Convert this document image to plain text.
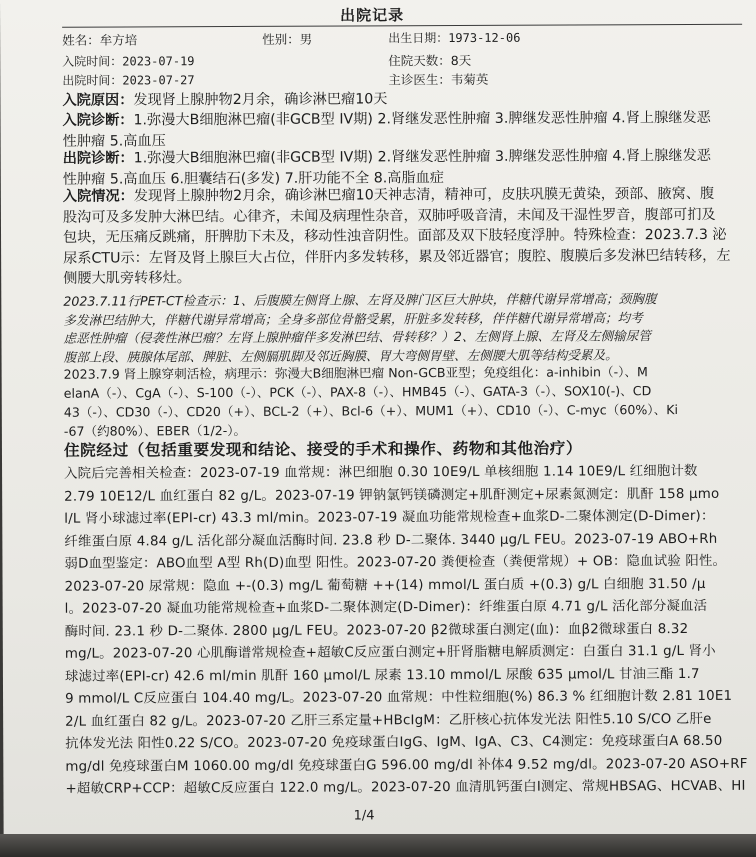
出院记录
姓名：牟方培	性别：男	出生日期：1973-12-06
入院时间：2023-07-19	住院天数：8天
出院时间：2023-07-27	主诊医生：韦菊英
入院原因：发现肾上腺肿物2月余，确诊淋巴瘤10天
入院诊断：1.弥漫大B细胞淋巴瘤(非GCB型 IV期) 2.肾继发恶性肿瘤 3.脾继发恶性肿瘤 4.肾上腺继发恶
性肿瘤 5.高血压
出院诊断：1.弥漫大B细胞淋巴瘤(非GCB型 IV期) 2.肾继发恶性肿瘤 3.脾继发恶性肿瘤 4.肾上腺继发恶
性肿瘤 5.高血压 6.胆囊结石(多发) 7.肝功能不全 8.高脂血症
入院情况：发现肾上腺肿物2月余，确诊淋巴瘤10天神志清，精神可，皮肤巩膜无黄染，颈部、腋窝、腹
股沟可及多发肿大淋巴结。心律齐，未闻及病理性杂音，双肺呼吸音清，未闻及干湿性罗音，腹部可扪及
包块，无压痛反跳痛，肝脾肋下未及，移动性浊音阴性。面部及双下肢轻度浮肿。特殊检查：2023.7.3 泌
尿系CTU示：左肾及肾上腺巨大占位，伴肝内多发转移，累及邻近器官；腹腔、腹膜后多发淋巴结转移，左
侧腰大肌旁转移灶。
2023.7.11行PET-CT检查示：1、后腹膜左侧肾上腺、左肾及脾门区巨大肿块，伴糖代谢异常增高；颈胸腹
多发淋巴结肿大，伴糖代谢异常增高；全身多部位骨骼受累，肝脏多发转移，伴伴糖代谢异常增高；均考
虑恶性肿瘤（侵袭性淋巴瘤？左肾上腺肿瘤伴多发淋巴结、骨转移？）2、左侧肾上腺、左肾及左侧输尿管
腹部上段、胰腺体尾部、脾脏、左侧膈肌脚及邻近胸膜、胃大弯侧胃壁、左侧腰大肌等结构受累及。
2023.7.9 肾上腺穿刺活检，病理示：弥漫大B细胞淋巴瘤 Non-GCB亚型；免疫组化：a-inhibin（-）、M
elanA（-）、CgA（-）、S-100（-）、PCK（-）、PAX-8（-）、HMB45（-）、GATA-3（-）、SOX10(-)、CD
43（-）、CD30（-）、CD20（+）、BCL-2（+）、Bcl-6（+）、MUM1（+）、CD10（-）、C-myc（60%）、Ki
-67（约80%）、EBER（1/2-）。
住院经过（包括重要发现和结论、接受的手术和操作、药物和其他治疗）
入院后完善相关检查：2023-07-19 血常规：淋巴细胞 0.30 10E9/L 单核细胞 1.14 10E9/L 红细胞计数
2.79 10E12/L 血红蛋白 82 g/L。2023-07-19 钾钠氯钙镁磷测定+肌酐测定+尿素氮测定：肌酐 158 μmo
l/L 肾小球滤过率(EPI-cr) 43.3 ml/min。2023-07-19 凝血功能常规检查+血浆D-二聚体测定(D-Dimer)：
纤维蛋白原 4.84 g/L 活化部分凝血活酶时间. 23.8 秒 D-二聚体. 3440 μg/L FEU。2023-07-19 ABO+Rh
弱D血型鉴定：ABO血型 A型 Rh(D)血型 阳性。2023-07-20 粪便检查（粪便常规）+ OB：隐血试验 阳性。
2023-07-20 尿常规：隐血 +-(0.3) mg/L 葡萄糖 ++(14) mmol/L 蛋白质 +(0.3) g/L 白细胞 31.50 /μ
l。2023-07-20 凝血功能常规检查+血浆D-二聚体测定(D-Dimer)：纤维蛋白原 4.71 g/L 活化部分凝血活
酶时间. 23.1 秒 D-二聚体. 2800 μg/L FEU。2023-07-20 β2微球蛋白测定(血)：血β2微球蛋白 8.32
mg/L。2023-07-20 心肌酶谱常规检查+超敏C反应蛋白测定+肝肾脂糖电解质测定：白蛋白 31.1 g/L 肾小
球滤过率(EPI-cr) 42.6 ml/min 肌酐 160 μmol/L 尿素 13.10 mmol/L 尿酸 635 μmol/L 甘油三酯 1.7
9 mmol/L C反应蛋白 104.40 mg/L。2023-07-20 血常规：中性粒细胞(%) 86.3 % 红细胞计数 2.81 10E1
2/L 血红蛋白 82 g/L。2023-07-20 乙肝三系定量+HBcIgM：乙肝核心抗体发光法 阳性5.10 S/CO 乙肝e
抗体发光法 阳性0.22 S/CO。2023-07-20 免疫球蛋白IgG、IgM、IgA、C3、C4测定：免疫球蛋白A 68.50
mg/dl 免疫球蛋白M 1060.00 mg/dl 免疫球蛋白G 596.00 mg/dl 补体4 9.52 mg/dl。2023-07-20 ASO+RF
+超敏CRP+CCP：超敏C反应蛋白 122.0 mg/L。2023-07-20 血清肌钙蛋白Ⅰ测定、常规HBSAG、HCVAB、HI
1/4
